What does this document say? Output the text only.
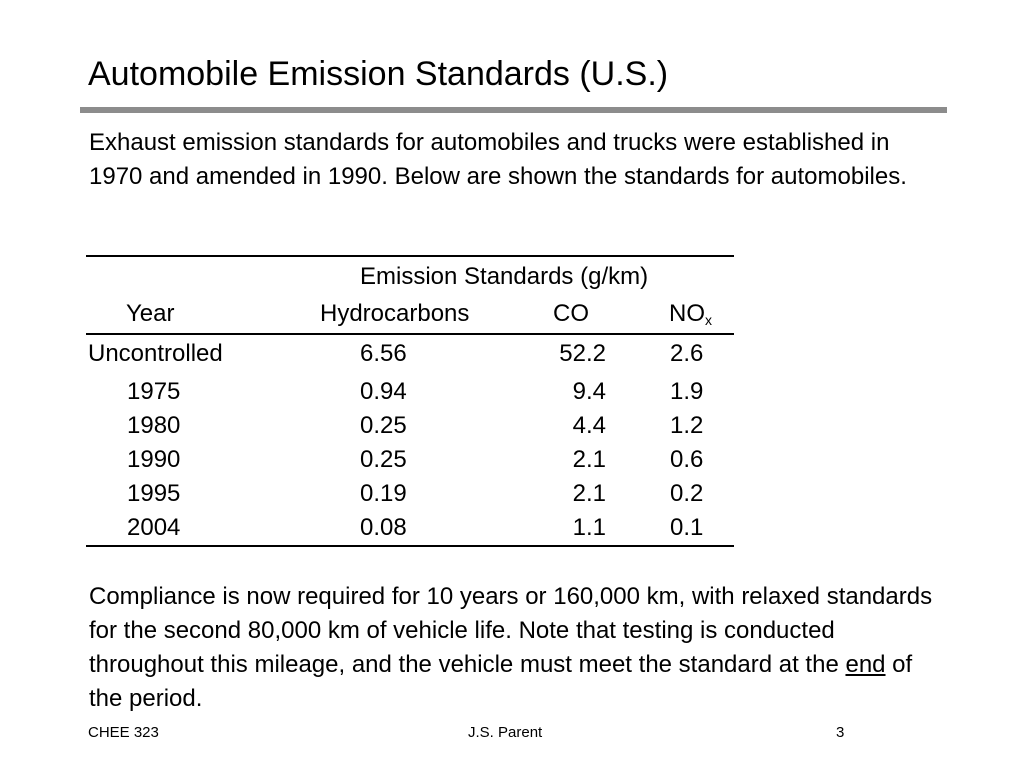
Automobile Emission Standards (U.S.)
Exhaust emission standards for automobiles and trucks were established in 1970 and amended in 1990. Below are shown the standards for automobiles.
Emission Standards (g/km)
Year	Hydrocarbons	CO	$NO_x$
Uncontrolled	6.56	52.2	2.6
1975	0.94	9.4	1.9
1980	0.25	4.4	1.2
1990	0.25	2.1	0.6
1995	0.19	2.1	0.2
2004	0.08	1.1	0.1
Compliance is now required for 10 years or 160,000 km, with relaxed standards for the second 80,000 km of vehicle life. Note that testing is conducted throughout this mileage, and the vehicle must meet the standard at the end of the period.
CHEE 323	J.S. Parent	3
